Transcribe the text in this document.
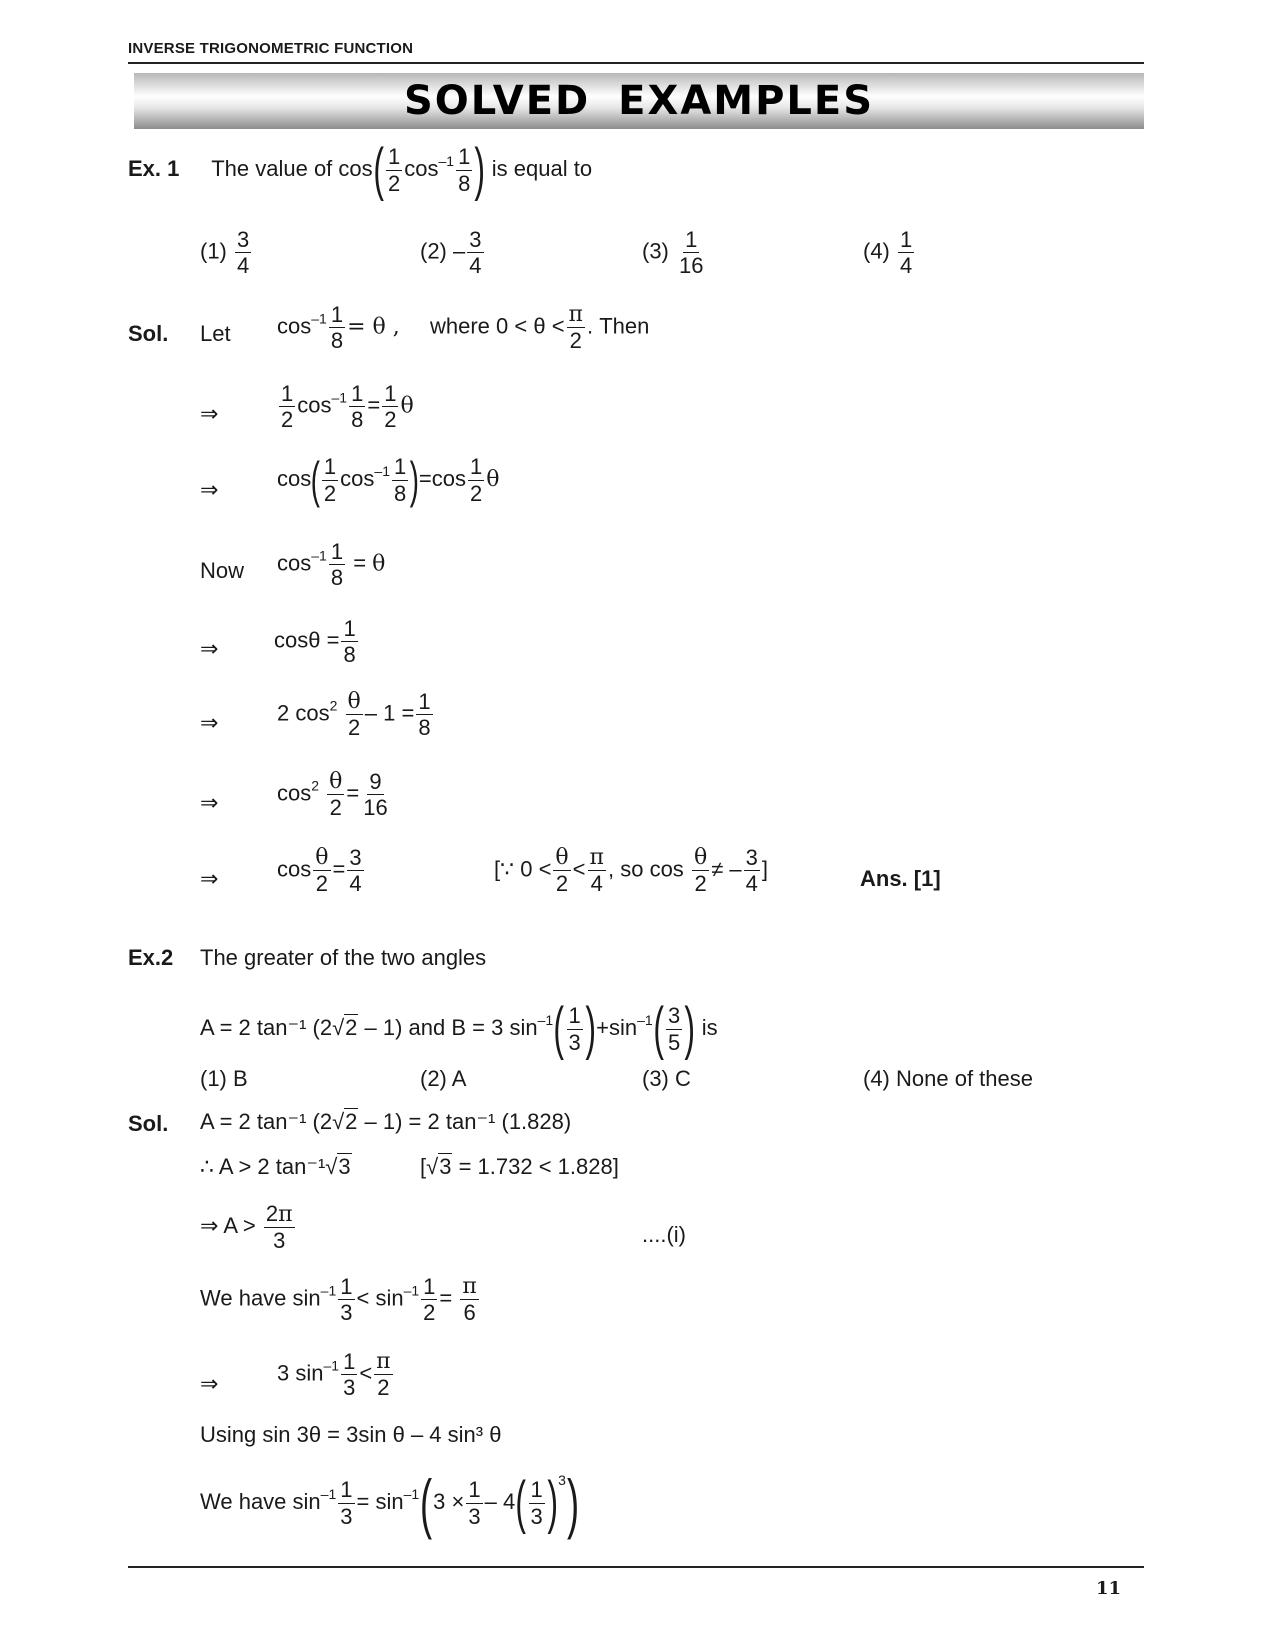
INVERSE TRIGONOMETRIC FUNCTION
SOLVED EXAMPLES
Ex. 1 The value of $\cos( \frac{1}{2} \cos^{-1} \frac{1}{8}$ ) is equal to
$(1) \frac{3}{4}$	$(2) - \frac{3}{4}$	$(3) \frac{1}{16}$	$(4) \frac{1}{4}$
Sol. Let $\cos^{-1} \frac{1}{8} = \theta$ , where $0 < \theta < \frac{\pi}{2}$ . Then
⇒	$\frac{1}{2} \cos^{-1} \frac{1}{8} = \frac{1}{2}$ θ
⇒	$\cos( \frac{1}{2} \cos^{-1} \frac{1}{8} )=\cos \frac{1}{2}$ θ
Now $\cos^{-1} \frac{1}{8} = \theta$
⇒	$\cos\theta = \frac{1}{8}$
⇒	2 $\cos^2 \frac{\theta}{2} - 1 = \frac{1}{8}$
⇒	$\cos^2 \frac{\theta}{2} = \frac{9}{16}$
⇒	$\cos \frac{\theta}{2} = \frac{3}{4}$	[∵ $0 < \frac{\theta}{2} < \frac{\pi}{4}$ , so $\cos \frac{\theta}{2}$ ≠ – $\frac{3}{4}$ ]	Ans. [1]
Ex.2 The greater of the two angles
A = 2 tan⁻¹ (2√2 – 1) and B = 3 $\sin^{-1}( \frac{1}{3} )+\sin^{-1}( \frac{3}{5}$ ) is
(1) B	(2) A	(3) C	(4) None of these
Sol. A = 2 tan⁻¹ (2√2 – 1) = 2 tan⁻¹ (1.828)
∴ A > 2 tan⁻¹√3	[√3 = 1.732 < 1.828]
⇒ $A > \frac{2\pi}{3}$	....(i)
We have $\sin^{-1} \frac{1}{3} < \sin^{-1} \frac{1}{2} = \frac{\pi}{6}$
⇒	3 $\sin^{-1} \frac{1}{3} < \frac{\pi}{2}$
Using sin 3θ = 3sin θ – 4 sin³ θ
We have $\sin^{-1} \frac{1}{3} = \sin^{-1}(3 \times \frac{1}{3} - 4( \frac{1}{3} )^3)$
11
